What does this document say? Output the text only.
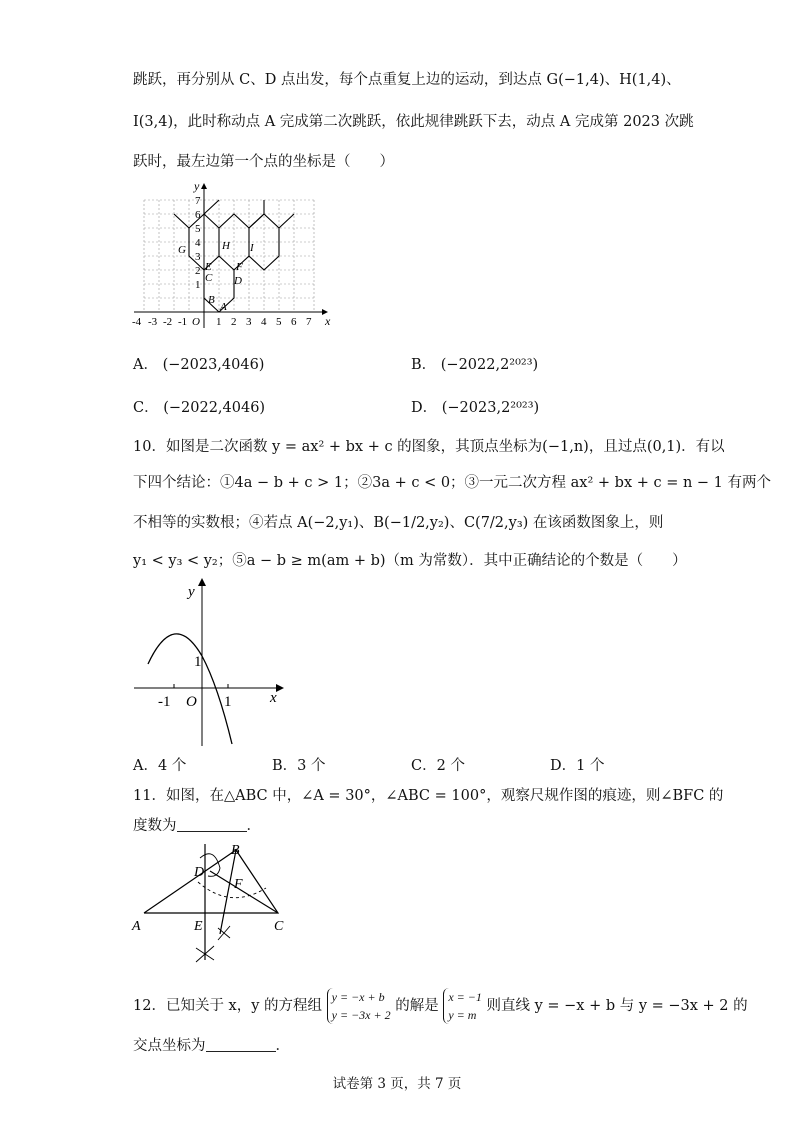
跳跃，再分别从 C、D 点出发，每个点重复上边的运动，到达点 G(−1,4)、H(1,4)、
I(3,4)，此时称动点 A 完成第二次跳跃，依此规律跳跃下去，动点 A 完成第 2023 次跳
跃时，最左边第一个点的坐标是（　　）
7
6
5
4
3
2
1
-4 -3 -2 -1	1 2 3 4 5 6 7
O	x
y
A
B
C D
E F
G	H I
A． (−2023,4046)	B． (−2022,2²⁰²³)
C． (−2022,4046)	D． (−2023,2²⁰²³)
10．如图是二次函数 y = ax² + bx + c 的图象，其顶点坐标为(−1,n)，且过点(0,1)．有以
下四个结论：①4a − b + c > 1；②3a + c < 0；③一元二次方程 ax² + bx + c = n − 1 有两个
不相等的实数根；④若点 A(−2,y₁)、B(−1/2,y₂)、C(7/2,y₃) 在该函数图象上，则
y₁ < y₃ < y₂；⑤a − b ≥ m(am + b)（m 为常数）．其中正确结论的个数是（　　）
-1 O 1
1
y
x
A．4 个	B．3 个	C．2 个	D．1 个
11．如图，在△ABC 中，∠A = 30°，∠ABC = 100°，观察尺规作图的痕迹，则∠BFC 的
度数为	．
A
B
C
D
E
F
12．已知关于 x，y 的方程组
y = −x + b
y = −3x + 2
的解是
x = −1
y = m
则直线 y = −x + b 与 y = −3x + 2 的
交点坐标为	．
试卷第 3 页，共 7 页
